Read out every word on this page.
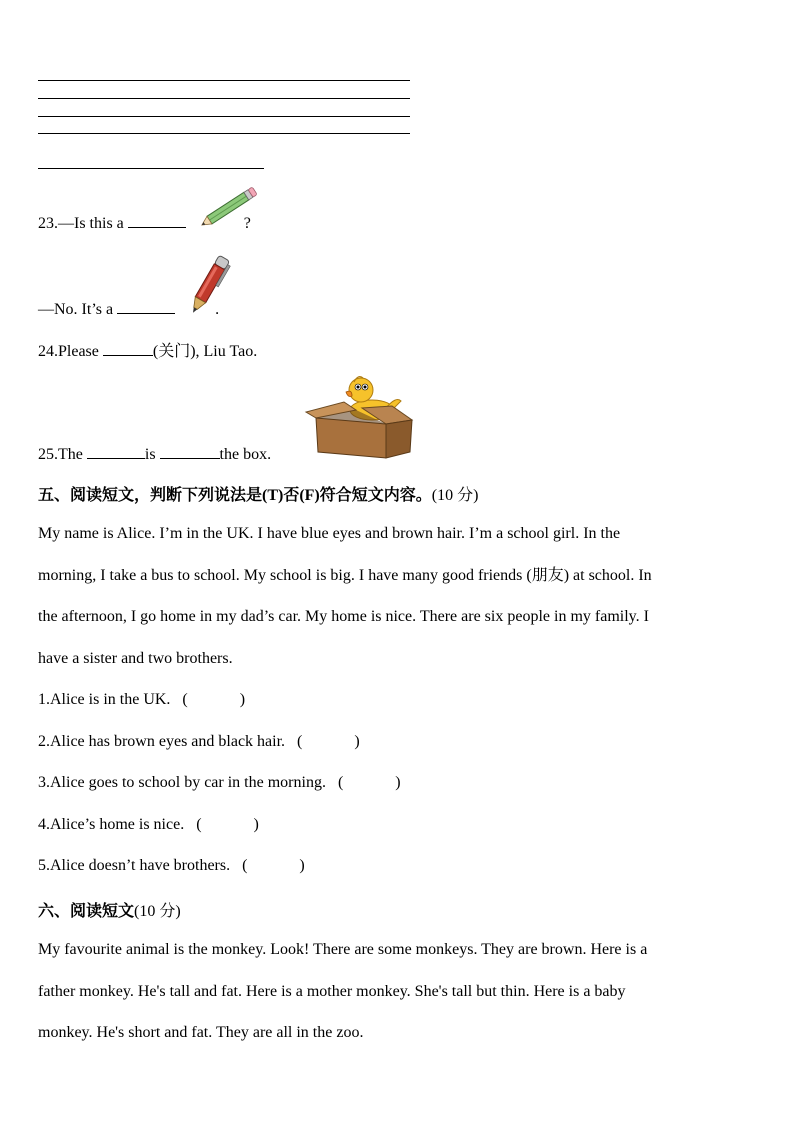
23.—Is this a	?
—No. It’s a	.
24.Please	(关门), Liu Tao.
25.The	is	the box.
五、阅读短文，判断下列说法是(T)否(F)符合短文内容。(10 分)

My name is Alice. I’m in the UK. I have blue eyes and brown hair. I’m a school girl. In the

morning, I take a bus to school. My school is big. I have many good friends (朋友) at school. In

the afternoon, I go home in my dad’s car. My home is nice. There are six people in my family. I

have a sister and two brothers.

1.Alice is in the UK. (	)

2.Alice has brown eyes and black hair. (	)

3.Alice goes to school by car in the morning. (	)

4.Alice’s home is nice. (	)

5.Alice doesn’t have brothers. (	)

六、阅读短文(10 分)

My favourite animal is the monkey. Look! There are some monkeys. They are brown. Here is a

father monkey. He's tall and fat. Here is a mother monkey. She's tall but thin. Here is a baby

monkey. He's short and fat. They are all in the zoo.
